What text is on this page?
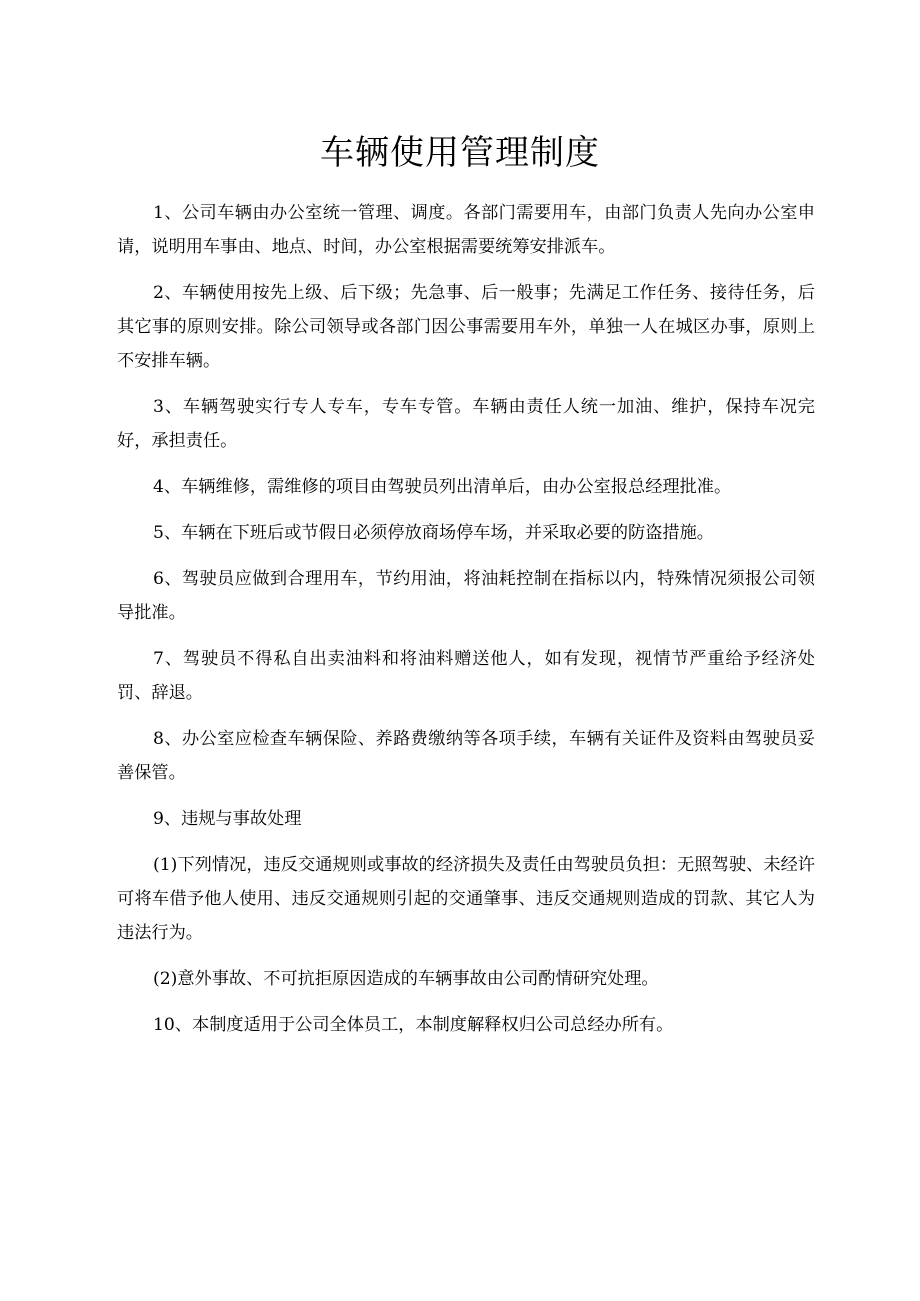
车辆使用管理制度

1、公司车辆由办公室统一管理、调度。各部门需要用车，由部门负责人先向办公室申请，说明用车事由、地点、时间，办公室根据需要统筹安排派车。

2、车辆使用按先上级、后下级；先急事、后一般事；先满足工作任务、接待任务，后其它事的原则安排。除公司领导或各部门因公事需要用车外，单独一人在城区办事，原则上不安排车辆。

3、车辆驾驶实行专人专车，专车专管。车辆由责任人统一加油、维护，保持车况完好，承担责任。

4、车辆维修，需维修的项目由驾驶员列出清单后，由办公室报总经理批准。

5、车辆在下班后或节假日必须停放商场停车场，并采取必要的防盗措施。

6、驾驶员应做到合理用车，节约用油，将油耗控制在指标以内，特殊情况须报公司领导批准。

7、驾驶员不得私自出卖油料和将油料赠送他人，如有发现，视情节严重给予经济处罚、辞退。

8、办公室应检查车辆保险、养路费缴纳等各项手续，车辆有关证件及资料由驾驶员妥善保管。

9、违规与事故处理

(1)下列情况，违反交通规则或事故的经济损失及责任由驾驶员负担：无照驾驶、未经许可将车借予他人使用、违反交通规则引起的交通肇事、违反交通规则造成的罚款、其它人为违法行为。

(2)意外事故、不可抗拒原因造成的车辆事故由公司酌情研究处理。

10、本制度适用于公司全体员工，本制度解释权归公司总经办所有。
